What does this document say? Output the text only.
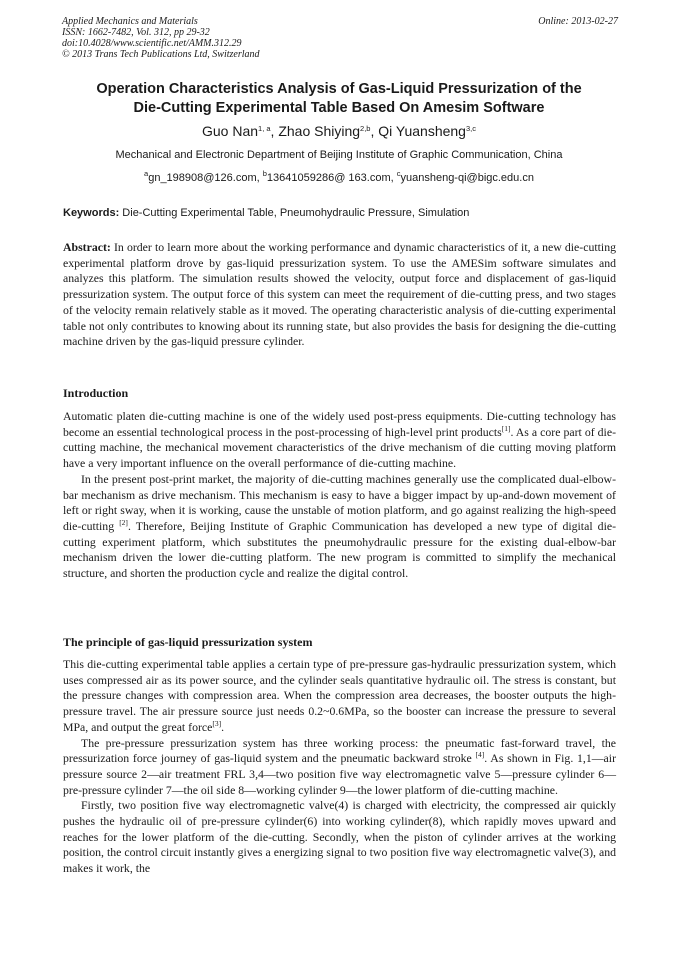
Applied Mechanics and Materials
ISSN: 1662-7482, Vol. 312, pp 29-32
doi:10.4028/www.scientific.net/AMM.312.29
© 2013 Trans Tech Publications Ltd, Switzerland
Online: 2013-02-27
Operation Characteristics Analysis of Gas-Liquid Pressurization of the
Die-Cutting Experimental Table Based On Amesim Software
Guo Nan$^{1, a}$, Zhao Shiying$^{2,b}$, Qi Yuansheng$^{3,c}$
Mechanical and Electronic Department of Beijing Institute of Graphic Communication, China
$^a$gn_198908@126.com, $^b$13641059286@ 163.com, $^c$yuansheng-qi@bigc.edu.cn
Keywords: Die-Cutting Experimental Table, Pneumohydraulic Pressure, Simulation

Abstract: In order to learn more about the working performance and dynamic characteristics of it, a new die-cutting experimental platform drove by gas-liquid pressurization system. To use the AMESim software simulates and analyzes this platform. The simulation results showed the velocity, output force and displacement of gas-liquid pressurization system. The output force of this system can meet the requirement of die-cutting press, and two stages of the velocity remain relatively stable as it moved. The operating characteristic analysis of die-cutting experimental table not only contributes to knowing about its running state, but also provides the basis for designing the die-cutting machine driven by the gas-liquid pressure cylinder.

Introduction

Automatic platen die-cutting machine is one of the widely used post-press equipments. Die-cutting technology has become an essential technological process in the post-processing of high-level print products[1]. As a core part of die-cutting machine, the mechanical movement characteristics of the drive mechanism of die cutting moving platform have a very important influence on the overall performance of die-cutting machine.

In the present post-print market, the majority of die-cutting machines generally use the complicated dual-elbow-bar mechanism as drive mechanism. This mechanism is easy to have a bigger impact by up-and-down movement of left or right sway, when it is working, cause the unstable of motion platform, and go against realizing the high-speed die-cutting [2]. Therefore, Beijing Institute of Graphic Communication has developed a new type of digital die-cutting experiment platform, which substitutes the pneumohydraulic pressure for the existing dual-elbow-bar mechanism driven the lower die-cutting platform. The new program is committed to simplify the mechanical structure, and shorten the production cycle and realize the digital control.

The principle of gas-liquid pressurization system

This die-cutting experimental table applies a certain type of pre-pressure gas-hydraulic pressurization system, which uses compressed air as its power source, and the cylinder seals quantitative hydraulic oil. The stress is constant, but the pressure changes with compression area. When the compression area decreases, the booster outputs the high-pressure travel. The air pressure source just needs 0.2~0.6MPa, so the booster can increase the pressure to several MPa, and output the great force[3].

The pre-pressure pressurization system has three working process: the pneumatic fast-forward travel, the pressurization force journey of gas-liquid system and the pneumatic backward stroke [4]. As shown in Fig. 1,1—air pressure source 2—air treatment FRL 3,4—two position five way electromagnetic valve 5—pressure cylinder 6—pre-pressure cylinder 7—the oil side 8—working cylinder 9—the lower platform of die-cutting machine.

Firstly, two position five way electromagnetic valve(4) is charged with electricity, the compressed air quickly pushes the hydraulic oil of pre-pressure cylinder(6) into working cylinder(8), which rapidly moves upward and reaches for the lower platform of the die-cutting. Secondly, when the piston of cylinder arrives at the working position, the control circuit instantly gives a energizing signal to two position five way electromagnetic valve(3), and makes it work, the
